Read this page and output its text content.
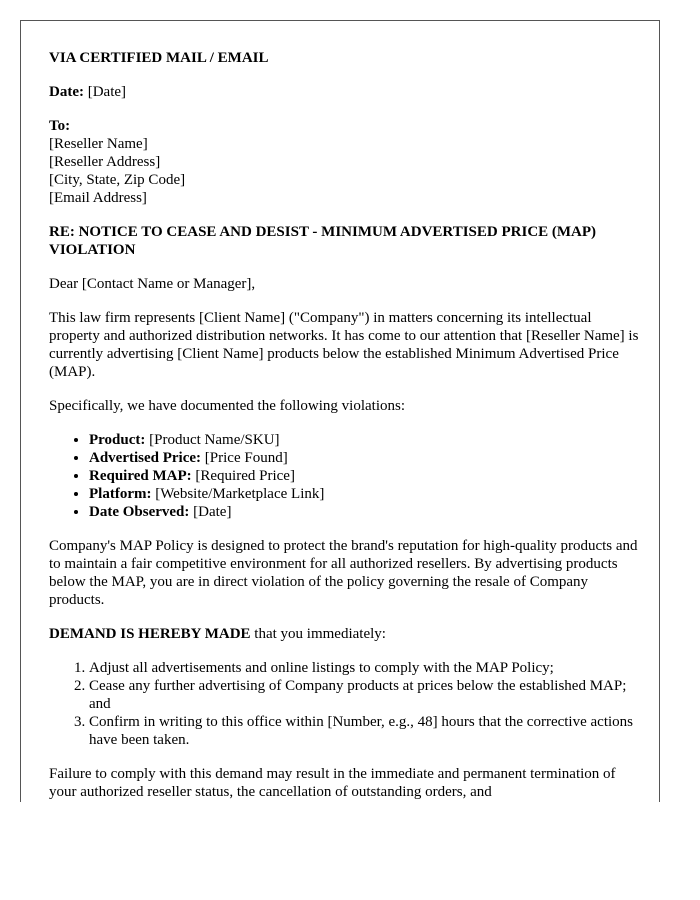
VIA CERTIFIED MAIL / EMAIL

Date: [Date]

To:
[Reseller Name]
[Reseller Address]
[City, State, Zip Code]
[Email Address]

RE: NOTICE TO CEASE AND DESIST - MINIMUM ADVERTISED PRICE (MAP) VIOLATION

Dear [Contact Name or Manager],

This law firm represents [Client Name] ("Company") in matters concerning its intellectual property and authorized distribution networks. It has come to our attention that [Reseller Name] is currently advertising [Client Name] products below the established Minimum Advertised Price (MAP).

Specifically, we have documented the following violations:

• Product: [Product Name/SKU]
• Advertised Price: [Price Found]
• Required MAP: [Required Price]
• Platform: [Website/Marketplace Link]
• Date Observed: [Date]

Company's MAP Policy is designed to protect the brand's reputation for high-quality products and to maintain a fair competitive environment for all authorized resellers. By advertising products below the MAP, you are in direct violation of the policy governing the resale of Company products.

DEMAND IS HEREBY MADE that you immediately:

1. Adjust all advertisements and online listings to comply with the MAP Policy;
2. Cease any further advertising of Company products at prices below the established MAP; and
3. Confirm in writing to this office within [Number, e.g., 48] hours that the corrective actions have been taken.

Failure to comply with this demand may result in the immediate and permanent termination of your authorized reseller status, the cancellation of outstanding orders, and
